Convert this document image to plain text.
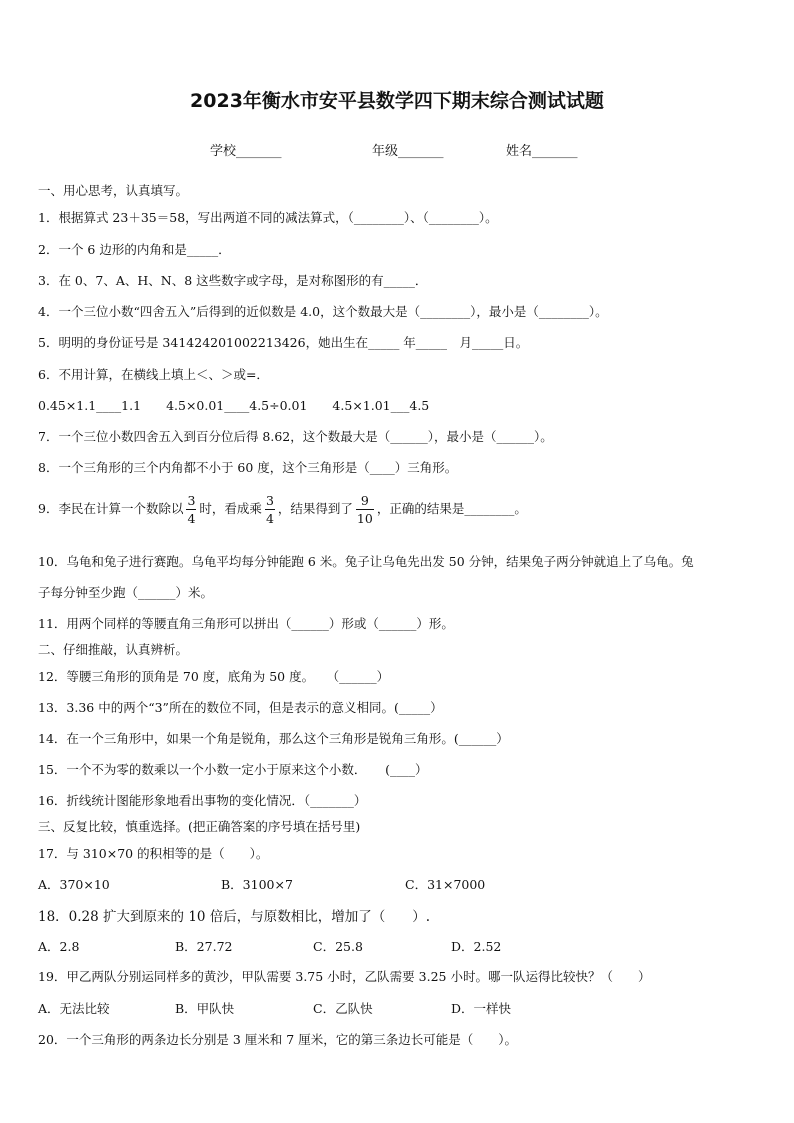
2023年衡水市安平县数学四下期末综合测试试题
学校_______	年级_______	姓名_______
一、用心思考，认真填写。
1．根据算式 23＋35＝58，写出两道不同的减法算式，（________）、（________）。
2．一个 6 边形的内角和是_____．
3．在 0、7、A、H、N、8 这些数字或字母，是对称图形的有_____．
4．一个三位小数“四舍五入”后得到的近似数是 4.0，这个数最大是（________），最小是（________）。
5．明明的身份证号是 341424201002213426，她出生在_____ 年_____　月_____日。
6．不用计算，在横线上填上＜、＞或=．
0.45×1.1____1.1　　4.5×0.01____4.5÷0.01　　4.5×1.01___4.5
7．一个三位小数四舍五入到百分位后得 8.62，这个数最大是（______），最小是（______）。
8．一个三角形的三个内角都不小于 60 度，这个三角形是（____）三角形。
9．李民在计算一个数除以 $\frac{3}{4}$ 时，看成乘 $\frac{3}{4}$ ，结果得到了 $\frac{9}{10}$ ，正确的结果是________。
10．乌龟和兔子进行赛跑。乌龟平均每分钟能跑 6 米。兔子让乌龟先出发 50 分钟，结果兔子两分钟就追上了乌龟。兔
子每分钟至少跑（______）米。
11．用两个同样的等腰直角三角形可以拼出（______）形或（______）形。
二、仔细推敲，认真辨析。
12．等腰三角形的顶角是 70 度，底角为 50 度。　　（______）
13．3.36 中的两个“3”所在的数位不同，但是表示的意义相同。(_____）
14．在一个三角形中，如果一个角是锐角，那么这个三角形是锐角三角形。(______）
15．一个不为零的数乘以一个小数一定小于原来这个小数．　　(____）
16．折线统计图能形象地看出事物的变化情况．（_______）
三、反复比较，慎重选择。(把正确答案的序号填在括号里)
17．与 310×70 的积相等的是（　　）。
A．370×10	B．3100×7	C．31×7000
18．0.28 扩大到原来的 10 倍后，与原数相比，增加了（　　）.
A．2.8	B．27.72	C．25.8	D．2.52
19．甲乙两队分别运同样多的黄沙，甲队需要 3.75 小时，乙队需要 3.25 小时。哪一队运得比较快？（　　）
A．无法比较	B．甲队快	C．乙队快	D．一样快
20．一个三角形的两条边长分别是 3 厘米和 7 厘米，它的第三条边长可能是（　　）。
